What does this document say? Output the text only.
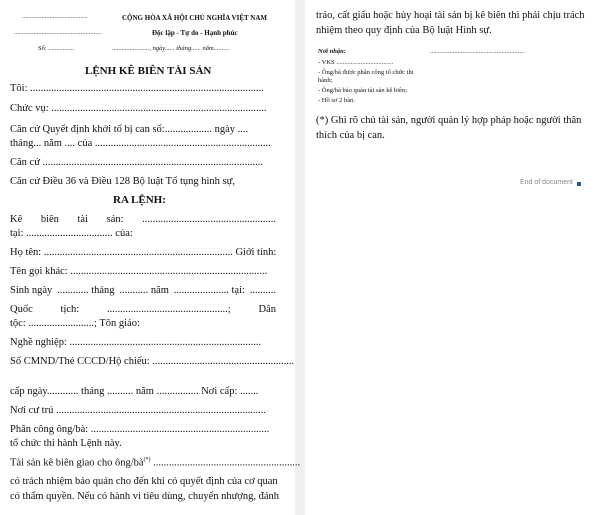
........................................
......................................................
Số: ................
CỘNG HÒA XÃ HỘI CHỦ NGHĨA VIỆT NAM
Độc lập - Tự do - Hạnh phúc
......................., ngày...... tháng...... năm..........
LỆNH KÊ BIÊN TÀI SẢN
Tôi: .........................................................................................
Chức vụ: ..................................................................................
Căn cứ Quyết định khởi tố bị can số:.................. ngày ....
tháng... năm .... của ...................................................................
Căn cứ ....................................................................................
Căn cứ Điều 36 và Điều 128 Bộ luật Tố tụng hình sự,
RA LỆNH:
Kê biên tài sản: ...................................................
tại: ................................. của:
Họ tên: ........................................................................ Giới tính:
Tên gọi khác: ...........................................................................
Sinh ngày ............ tháng ........... năm ..................... tại: ..........
Quốc	tịch:	..............................................;	Dân
tộc: .........................; Tôn giáo:
Nghề nghiệp: .........................................................................
Số CMND/Thẻ CCCD/Hộ chiếu: ......................................................
cấp ngày............ tháng .......... năm ................ Nơi cấp: .......
Nơi cư trú ................................................................................
Phân công ông/bà: ....................................................................
tổ chức thi hành Lệnh này.
Tài sản kê biên giao cho ông/bà(*) ........................................................
có trách nhiệm bảo quản cho đến khi có quyết định của cơ quan
có thẩm quyền. Nếu có hành vi tiêu dùng, chuyển nhượng, đánh
tráo, cất giấu hoặc hủy hoại tài sản bị kê biên thì phải chịu trách
nhiệm theo quy định của Bộ luật Hình sự.
Nơi nhận:	..........................................................
- VKS ...................................
- Ông/bà được phân công tổ chức thi
hành;
- Ông/bà bảo quản tài sản kê biên;
- Hồ sơ 2 bản.
(*) Ghi rõ chủ tài sản, người quản lý hợp pháp hoặc người thân
thích của bị can.
End of document
